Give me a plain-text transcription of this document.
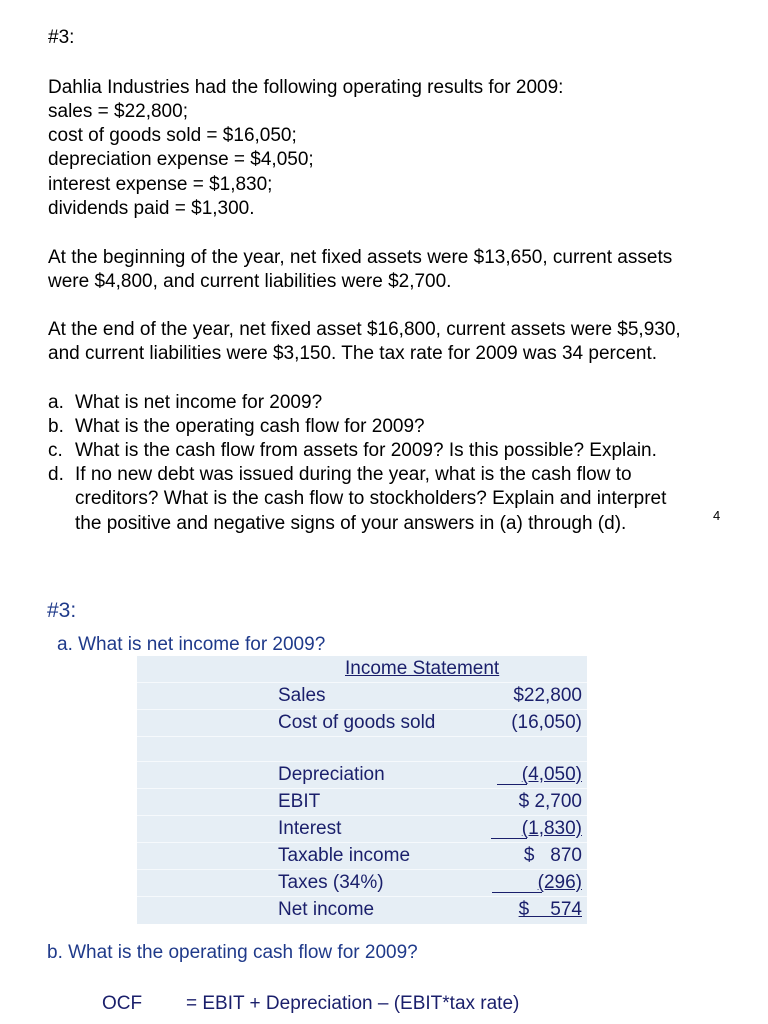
#3:

Dahlia Industries had the following operating results for 2009:

sales = $22,800;

cost of goods sold = $16,050;

depreciation expense = $4,050;

interest expense = $1,830;

dividends paid = $1,300.

At the beginning of the year, net fixed assets were $13,650, current assets

were $4,800, and current liabilities were $2,700.

At the end of the year, net fixed asset $16,800, current assets were $5,930,

and current liabilities were $3,150. The tax rate for 2009 was 34 percent.

a. What is net income for 2009?

b. What is the operating cash flow for 2009?

c. What is the cash flow from assets for 2009? Is this possible? Explain.

d. If no new debt was issued during the year, what is the cash flow to

creditors? What is the cash flow to stockholders? Explain and interpret

the positive and negative signs of your answers in (a) through (d).	4

#3:

a. What is net income for 2009?

Income Statement

Sales	$22,800
Cost of goods sold	(16,050)
Depreciation	(4,050)
EBIT	$ 2,700
Interest	(1,830)
Taxable income	$   870
Taxes (34%)	(296)
Net income	$    574

b. What is the operating cash flow for 2009?

OCF = EBIT + Depreciation – (EBIT*tax rate)
